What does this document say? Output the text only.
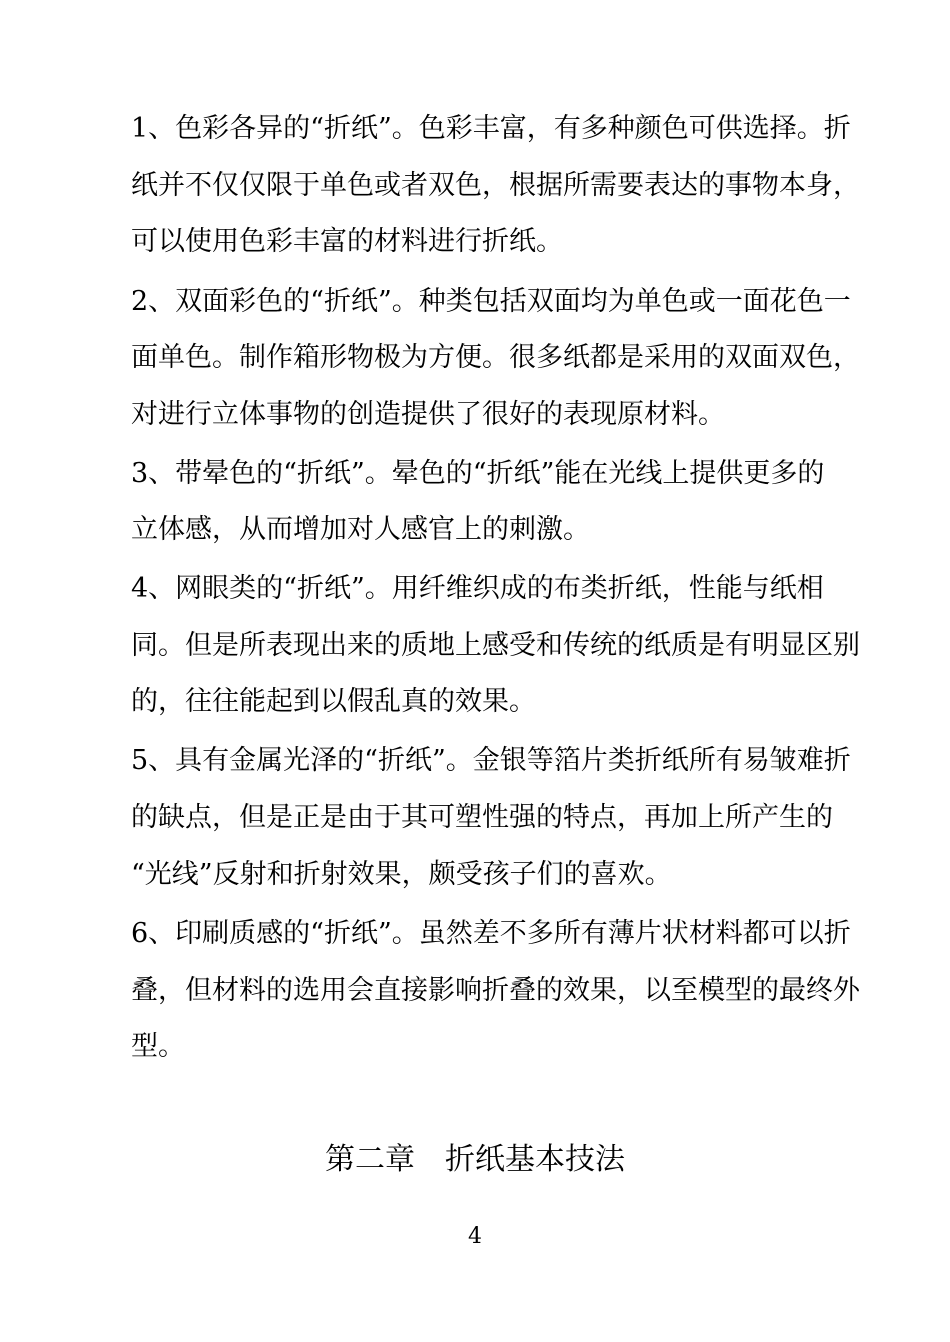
1、色彩各异的“折纸”。色彩丰富，有多种颜色可供选择。折
纸并不仅仅限于单色或者双色，根据所需要表达的事物本身，
可以使用色彩丰富的材料进行折纸。
2、双面彩色的“折纸”。种类包括双面均为单色或一面花色一
面单色。制作箱形物极为方便。很多纸都是采用的双面双色，
对进行立体事物的创造提供了很好的表现原材料。
3、带晕色的“折纸”。晕色的“折纸”能在光线上提供更多的
立体感，从而增加对人感官上的刺激。
4、网眼类的“折纸”。用纤维织成的布类折纸，性能与纸相
同。但是所表现出来的质地上感受和传统的纸质是有明显区别
的，往往能起到以假乱真的效果。
5、具有金属光泽的“折纸”。金银等箔片类折纸所有易皱难折
的缺点，但是正是由于其可塑性强的特点，再加上所产生的
“光线”反射和折射效果，颇受孩子们的喜欢。
6、印刷质感的“折纸”。虽然差不多所有薄片状材料都可以折
叠，但材料的选用会直接影响折叠的效果，以至模型的最终外
型。
第二章　折纸基本技法
4
